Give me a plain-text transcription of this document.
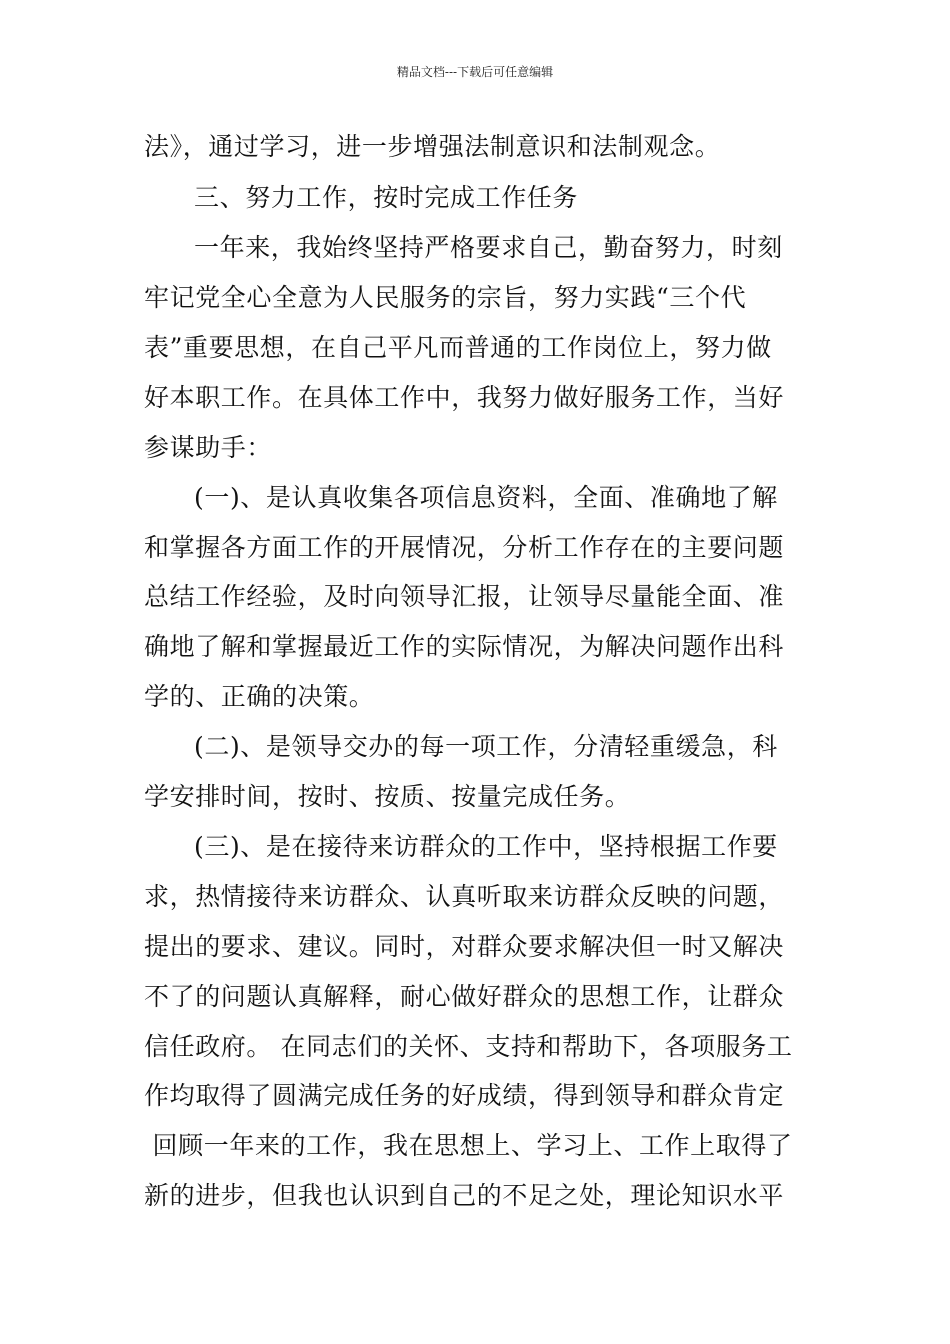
精品文档---下载后可任意编辑
法》，通过学习，进一步增强法制意识和法制观念。
三、努力工作，按时完成工作任务
一年来，我始终坚持严格要求自己，勤奋努力，时刻
牢记党全心全意为人民服务的宗旨，努力实践“三个代
表”重要思想，在自己平凡而普通的工作岗位上，努力做
好本职工作。在具体工作中，我努力做好服务工作，当好
参谋助手：
(一)、是认真收集各项信息资料，全面、准确地了解
和掌握各方面工作的开展情况，分析工作存在的主要问题
总结工作经验，及时向领导汇报，让领导尽量能全面、准
确地了解和掌握最近工作的实际情况，为解决问题作出科
学的、正确的决策。
(二)、是领导交办的每一项工作，分清轻重缓急，科
学安排时间，按时、按质、按量完成任务。
(三)、是在接待来访群众的工作中，坚持根据工作要
求，热情接待来访群众、认真听取来访群众反映的问题，
提出的要求、建议。同时，对群众要求解决但一时又解决
不了的问题认真解释，耐心做好群众的思想工作，让群众
信任政府。 在同志们的关怀、支持和帮助下，各项服务工
作均取得了圆满完成任务的好成绩，得到领导和群众肯定
回顾一年来的工作，我在思想上、学习上、工作上取得了
新的进步，但我也认识到自己的不足之处，理论知识水平
